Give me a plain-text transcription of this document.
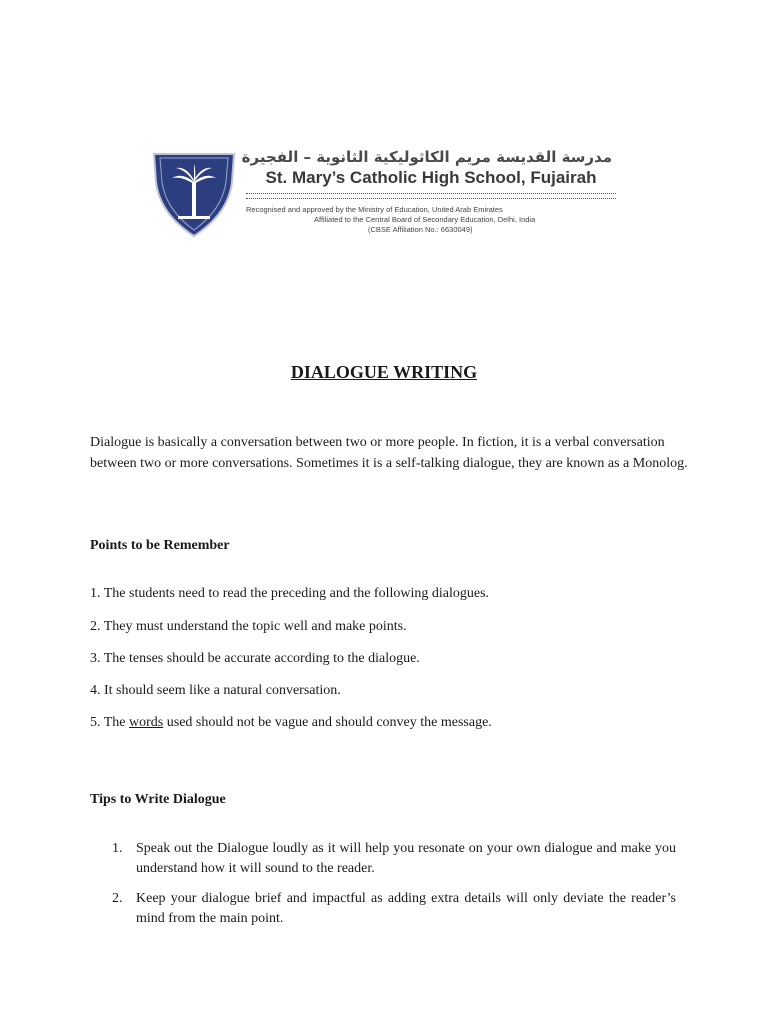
مدرسة القديسة مريم الكاثوليكية الثانوية – الفجيرة
St. Mary’s Catholic High School, Fujairah
Recognised and approved by the Ministry of Education, United Arab Emirates
Affiliated to the Central Board of Secondary Education, Delhi, India
(CBSE Affiliation No.: 6630049)
DIALOGUE WRITING

Dialogue is basically a conversation between two or more people. In fiction, it is a verbal conversation between two or more conversations. Sometimes it is a self-talking dialogue, they are known as a Monolog.

Points to be Remember

1. The students need to read the preceding and the following dialogues.

2. They must understand the topic well and make points.

3. The tenses should be accurate according to the dialogue.

4. It should seem like a natural conversation.

5. The words used should not be vague and should convey the message.

Tips to Write Dialogue

1. Speak out the Dialogue loudly as it will help you resonate on your own dialogue and make you understand how it will sound to the reader.
2. Keep your dialogue brief and impactful as adding extra details will only deviate the reader’s mind from the main point.
